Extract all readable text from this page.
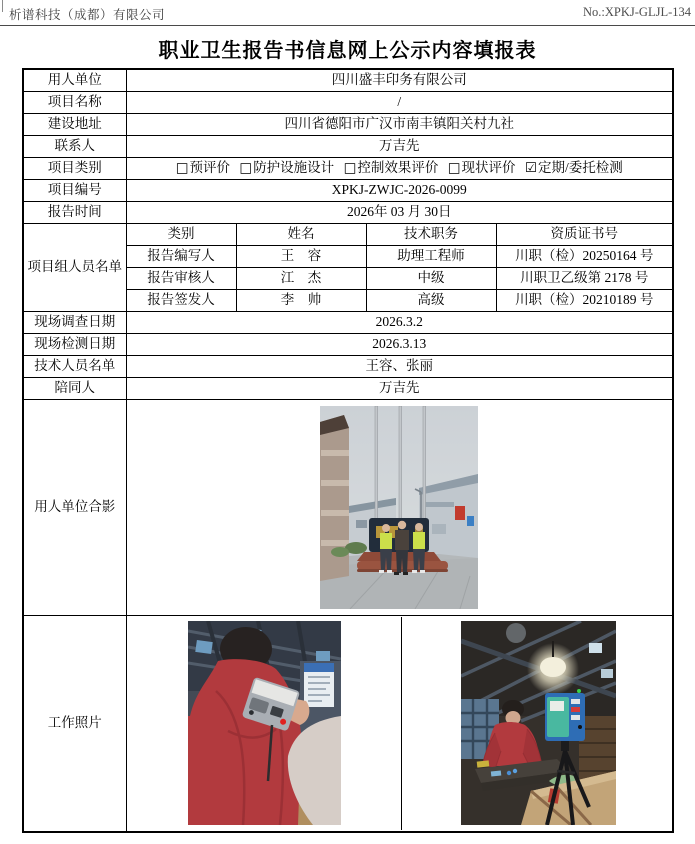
析谱科技（成都）有限公司	No.:XPKJ-GLJL-134
职业卫生报告书信息网上公示内容填报表
用人单位	四川盛丰印务有限公司			
项目名称	/			
建设地址	四川省德阳市广汉市南丰镇阳关村九社			
联系人	万吉先			
项目类别	□预评价 □防护设施设计 □控制效果评价 □现状评价 ☑定期/委托检测			
项目编号	XPKJ-ZWJC-2026-0099			
报告时间	2026年 03 月 30日			
项目组人员名单	类别	姓名	技术职务	资质证书号
	报告编写人	王　容	助理工程师	川职（检）20250164 号
	报告审核人	江　杰	中级	川职卫乙级第 2178 号
	报告签发人	李　帅	高级	川职（检）20210189 号
现场调查日期	2026.3.2			
现场检测日期	2026.3.13			
技术人员名单	王容、张丽			
陪同人	万吉先			
用人单位合影	

工作照片	
